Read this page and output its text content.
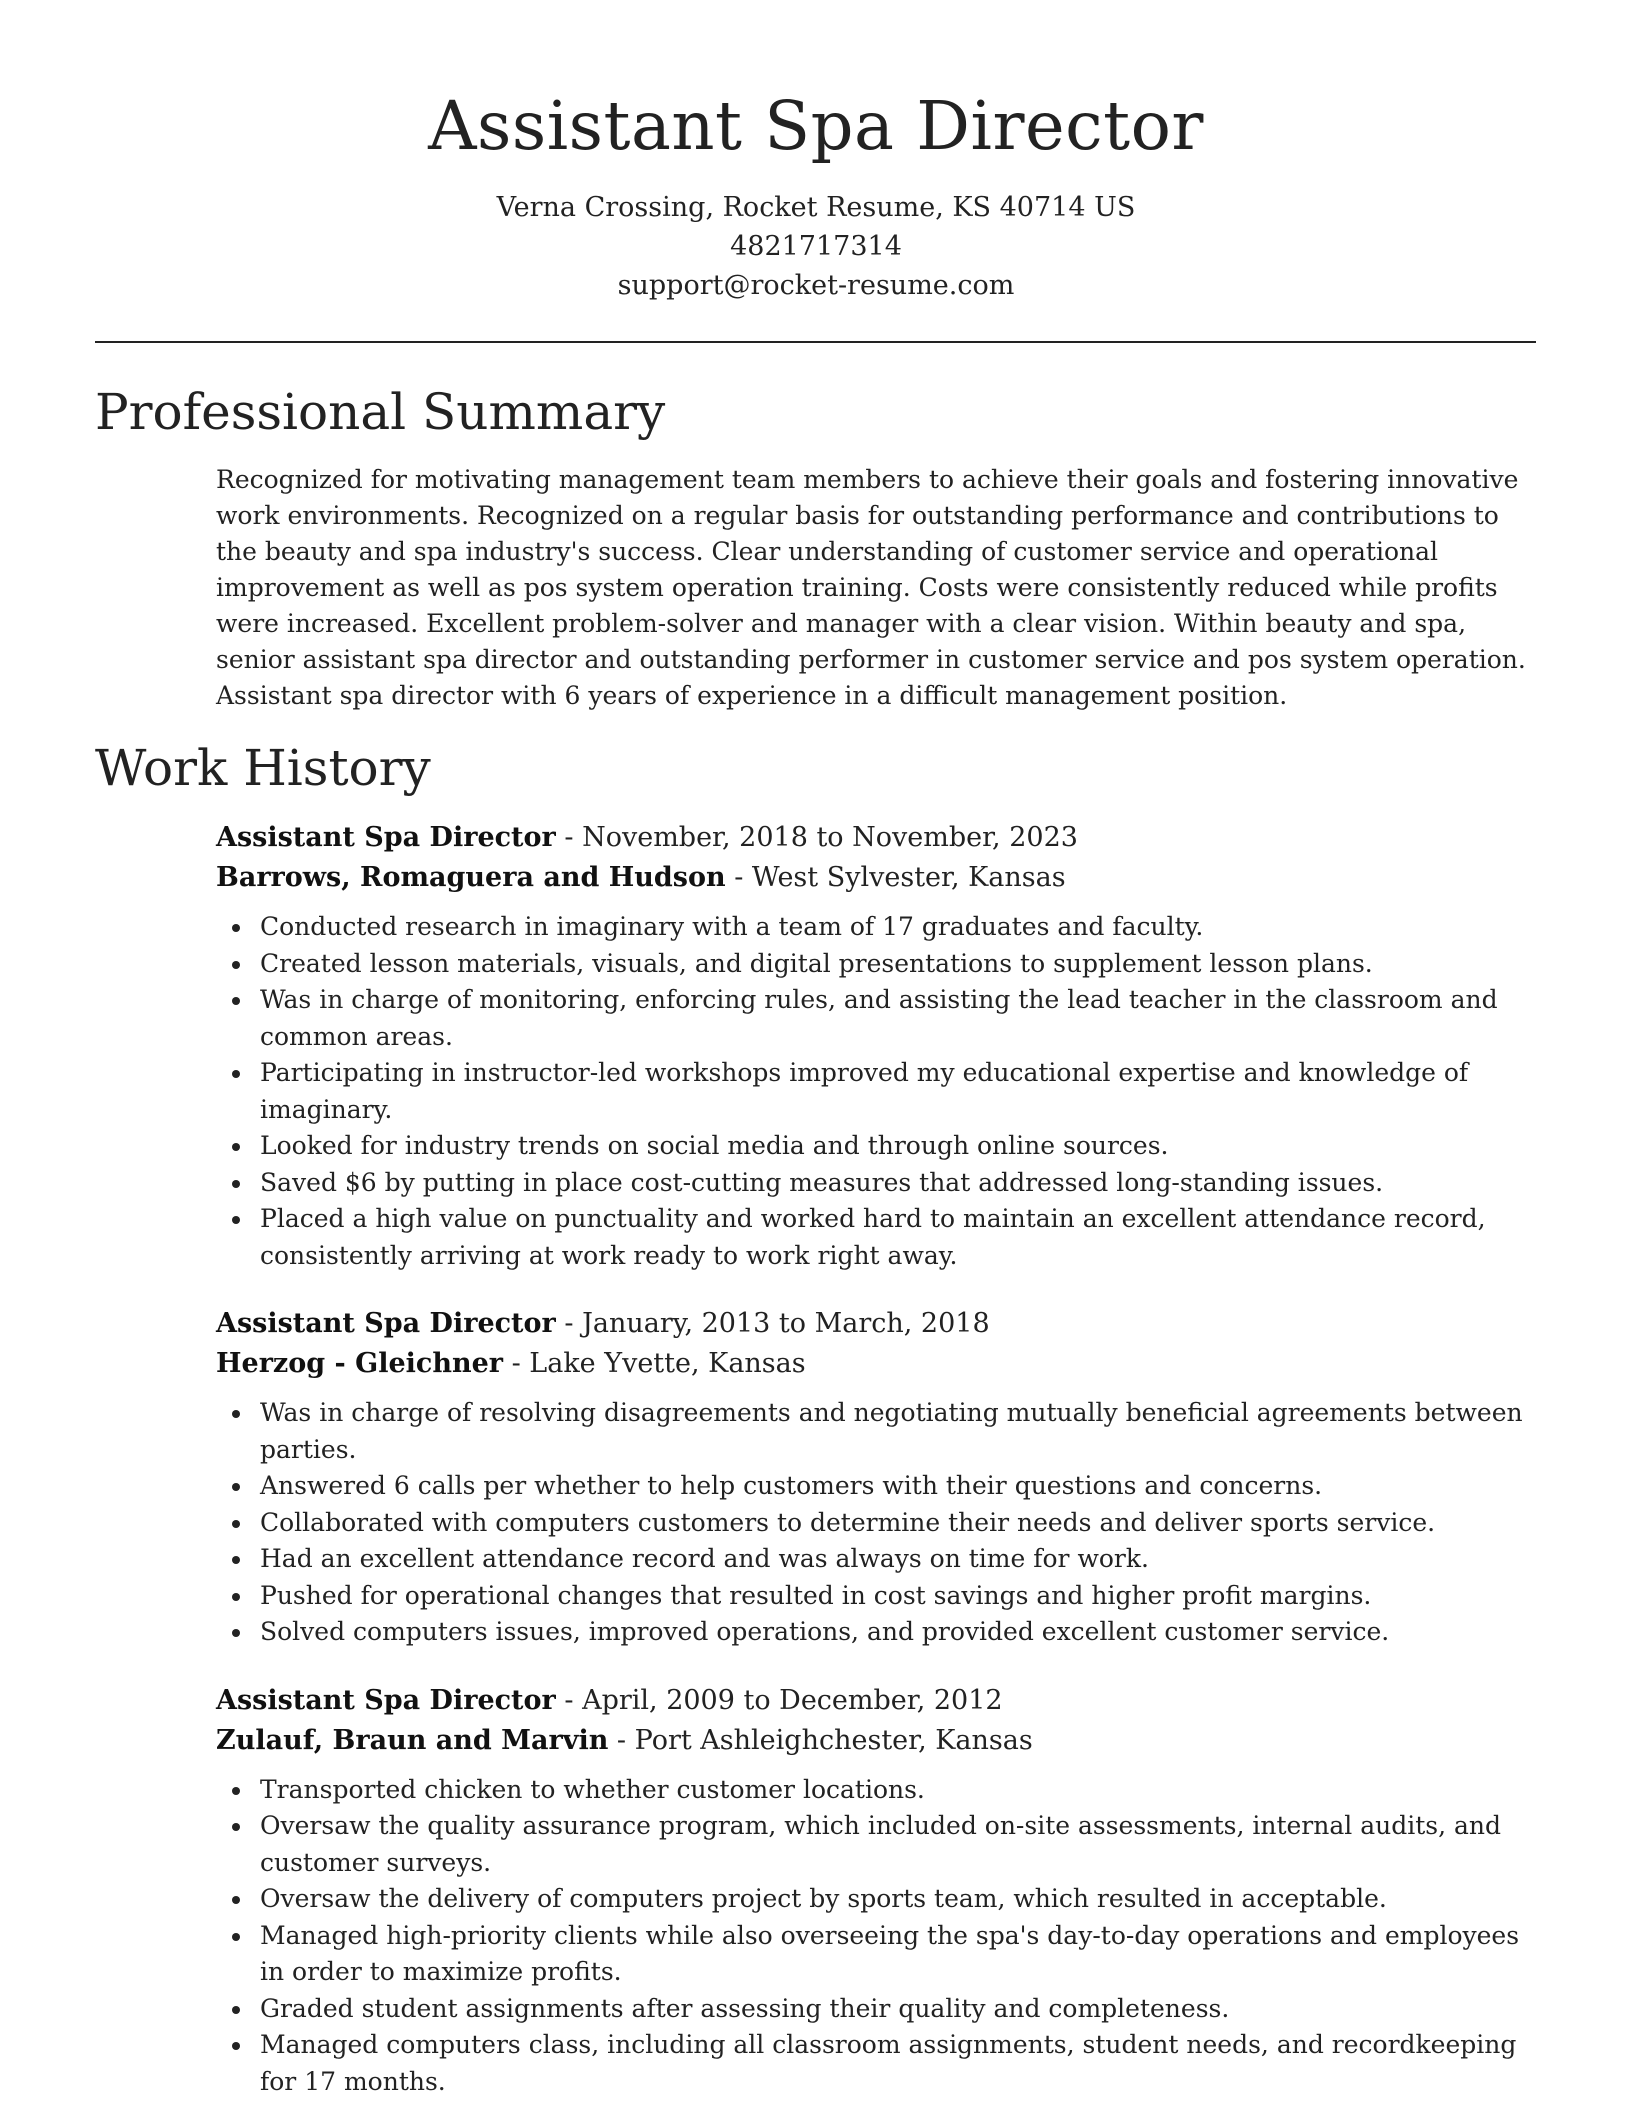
Assistant Spa Director

Verna Crossing, Rocket Resume, KS 40714 US

4821717314

support@rocket-resume.com

Professional Summary

Recognized for motivating management team members to achieve their goals and fostering innovative work environments. Recognized on a regular basis for outstanding performance and contributions to the beauty and spa industry's success. Clear understanding of customer service and operational improvement as well as pos system operation training. Costs were consistently reduced while profits were increased. Excellent problem-solver and manager with a clear vision. Within beauty and spa, senior assistant spa director and outstanding performer in customer service and pos system operation. Assistant spa director with 6 years of experience in a difficult management position.

Work History

Assistant Spa Director - November, 2018 to November, 2023

Barrows, Romaguera and Hudson - West Sylvester, Kansas

Conducted research in imaginary with a team of 17 graduates and faculty.
Created lesson materials, visuals, and digital presentations to supplement lesson plans.
Was in charge of monitoring, enforcing rules, and assisting the lead teacher in the classroom and common areas.
Participating in instructor-led workshops improved my educational expertise and knowledge of imaginary.
Looked for industry trends on social media and through online sources.
Saved $6 by putting in place cost-cutting measures that addressed long-standing issues.
Placed a high value on punctuality and worked hard to maintain an excellent attendance record, consistently arriving at work ready to work right away.

Assistant Spa Director - January, 2013 to March, 2018

Herzog - Gleichner - Lake Yvette, Kansas

Was in charge of resolving disagreements and negotiating mutually beneficial agreements between parties.
Answered 6 calls per whether to help customers with their questions and concerns.
Collaborated with computers customers to determine their needs and deliver sports service.
Had an excellent attendance record and was always on time for work.
Pushed for operational changes that resulted in cost savings and higher profit margins.
Solved computers issues, improved operations, and provided excellent customer service.

Assistant Spa Director - April, 2009 to December, 2012

Zulauf, Braun and Marvin - Port Ashleighchester, Kansas

Transported chicken to whether customer locations.
Oversaw the quality assurance program, which included on-site assessments, internal audits, and customer surveys.
Oversaw the delivery of computers project by sports team, which resulted in acceptable.
Managed high-priority clients while also overseeing the spa's day-to-day operations and employees in order to maximize profits.
Graded student assignments after assessing their quality and completeness.
Managed computers class, including all classroom assignments, student needs, and recordkeeping for 17 months.
